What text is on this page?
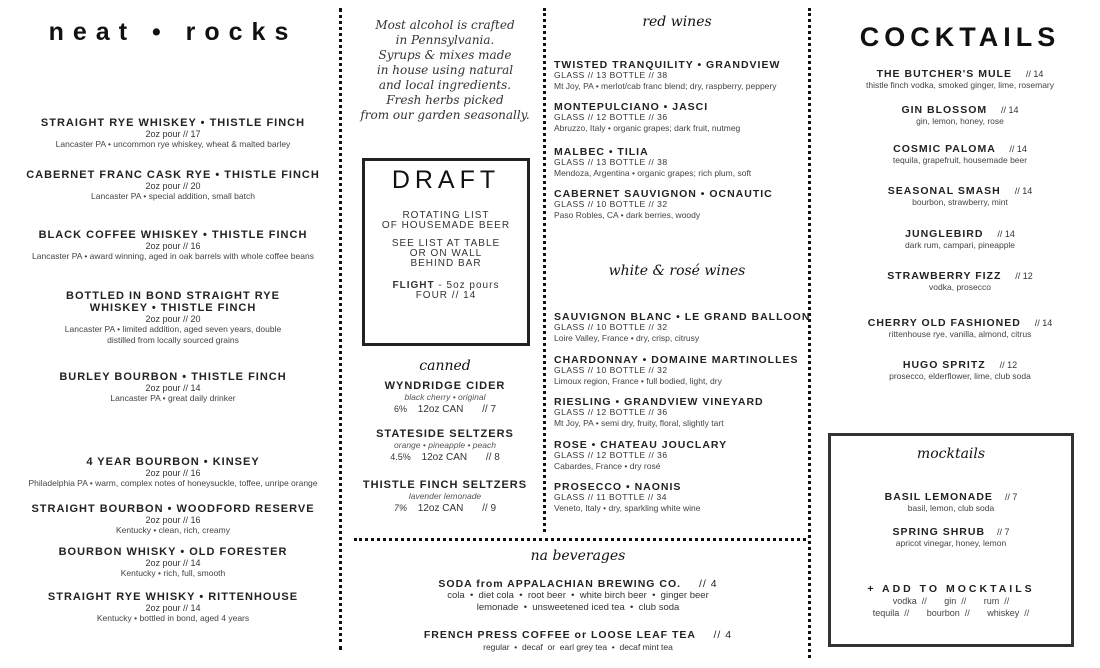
neat • rocks
STRAIGHT RYE WHISKEY • THISTLE FINCH
2oz pour // 17
Lancaster PA • uncommon rye whiskey, wheat & malted barley
CABERNET FRANC CASK RYE • THISTLE FINCH
2oz pour // 20
Lancaster PA • special addition, small batch
BLACK COFFEE WHISKEY • THISTLE FINCH
2oz pour // 16
Lancaster PA • award winning, aged in oak barrels with whole coffee beans
BOTTLED IN BOND STRAIGHT RYE WHISKEY • THISTLE FINCH
2oz pour // 20
Lancaster PA • limited addition, aged seven years, double distilled from locally sourced grains
BURLEY BOURBON • THISTLE FINCH
2oz pour // 14
Lancaster PA • great daily drinker
4 YEAR BOURBON • KINSEY
2oz pour // 16
Philadelphia PA • warm, complex notes of honeysuckle, toffee, unripe orange
STRAIGHT BOURBON • WOODFORD RESERVE
2oz pour // 16
Kentucky • clean, rich, creamy
BOURBON WHISKY • OLD FORESTER
2oz pour // 14
Kentucky • rich, full, smooth
STRAIGHT RYE WHISKY • RITTENHOUSE
2oz pour // 14
Kentucky • bottled in bond, aged 4 years
Most alcohol is crafted
in Pennsylvania.
Syrups & mixes made
in house using natural
and local ingredients.
Fresh herbs picked
from our garden seasonally.
DRAFT
ROTATING LIST
OF HOUSEMADE BEER
SEE LIST AT TABLE
OR ON WALL
BEHIND BAR
FLIGHT - 5oz pours
FOUR // 14
canned
WYNDRIDGE CIDER
black cherry • original
6% 12oz CAN // 7
STATESIDE SELTZERS
orange • pineapple • peach
4.5% 12oz CAN // 8
THISTLE FINCH SELTZERS
lavender lemonade
7% 12oz CAN // 9
red wines
TWISTED TRANQUILITY • GRANDVIEW
GLASS // 13 BOTTLE // 38
Mt Joy, PA • merlot/cab franc blend; dry, raspberry, peppery
MONTEPULCIANO • JASCI
GLASS // 12 BOTTLE // 36
Abruzzo, Italy • organic grapes; dark fruit, nutmeg
MALBEC • TILIA
GLASS // 13 BOTTLE // 38
Mendoza, Argentina • organic grapes; rich plum, soft
CABERNET SAUVIGNON • OCNAUTIC
GLASS // 10 BOTTLE // 32
Paso Robles, CA • dark berries, woody
white & rosé wines
SAUVIGNON BLANC • LE GRAND BALLOON
GLASS // 10 BOTTLE // 32
Loire Valley, France • dry, crisp, citrusy
CHARDONNAY • DOMAINE MARTINOLLES
GLASS // 10 BOTTLE // 32
Limoux region, France • full bodied, light, dry
RIESLING • GRANDVIEW VINEYARD
GLASS // 12 BOTTLE // 36
Mt Joy, PA • semi dry, fruity, floral, slightly tart
ROSE • CHATEAU JOUCLARY
GLASS // 12 BOTTLE // 36
Cabardes, France • dry rosé
PROSECCO • NAONIS
GLASS // 11 BOTTLE // 34
Veneto, Italy • dry, sparkling white wine
na beverages
SODA from APPALACHIAN BREWING CO. // 4
cola  •  diet cola  •  root beer  •  white birch beer  •  ginger beer
lemonade  •  unsweetened iced tea  •  club soda
FRENCH PRESS COFFEE or LOOSE LEAF TEA // 4
regular  •  decaf  or  earl grey tea  •  decaf mint tea
COCKTAILS
THE BUTCHER'S MULE // 14
thistle finch vodka, smoked ginger, lime, rosemary
GIN BLOSSOM // 14
gin, lemon, honey, rose
COSMIC PALOMA // 14
tequila, grapefruit, housemade beer
SEASONAL SMASH // 14
bourbon, strawberry, mint
JUNGLEBIRD // 14
dark rum, campari, pineapple
STRAWBERRY FIZZ // 12
vodka, prosecco
CHERRY OLD FASHIONED // 14
rittenhouse rye, vanilla, almond, citrus
HUGO SPRITZ // 12
prosecco, elderflower, lime, club soda
mocktails
BASIL LEMONADE // 7
basil, lemon, club soda
SPRING SHRUB // 7
apricot vinegar, honey, lemon
+ ADD TO MOCKTAILS
vodka  //       gin  //       rum  //
tequila  //       bourbon  //       whiskey  //
